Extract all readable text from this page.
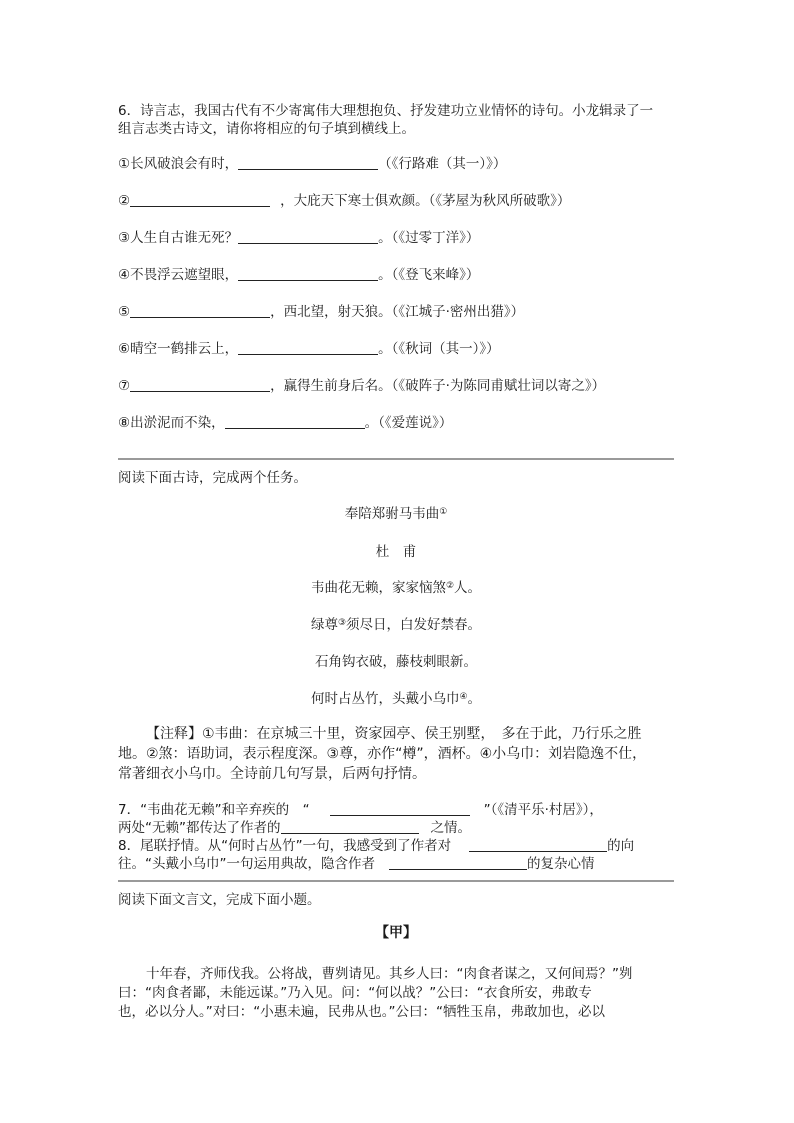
6．诗言志，我国古代有不少寄寓伟大理想抱负、抒发建功立业情怀的诗句。小龙辑录了一
组言志类古诗文，请你将相应的句子填到横线上。
①长风破浪会有时，	（《行路难（其一）》）
②	，大庇天下寒士俱欢颜。（《茅屋为秋风所破歌》）
③人生自古谁无死？	。（《过零丁洋》）
④不畏浮云遮望眼，	。（《登飞来峰》）
⑤	，西北望，射天狼。（《江城子·密州出猎》）
⑥晴空一鹤排云上，	。（《秋词（其一）》）
⑦	，赢得生前身后名。（《破阵子·为陈同甫赋壮词以寄之》）
⑧出淤泥而不染，	。（《爱莲说》）
阅读下面古诗，完成两个任务。
奉陪郑驸马韦曲①
杜　甫
韦曲花无赖，家家恼煞②人。
绿尊③须尽日，白发好禁春。
石角钩衣破，藤枝刺眼新。
何时占丛竹，头戴小乌巾④。
【注释】①韦曲：在京城三十里，资家园亭、侯王别墅，　多在于此，乃行乐之胜
地。②煞：语助词，表示程度深。③尊，亦作“樽”，酒杯。④小乌巾：刘岩隐逸不仕，
常著细衣小乌巾。全诗前几句写景，后两句抒情。
7．“韦曲花无赖”和辛弃疾的　“	”（《清平乐·村居》），
两处“无赖”都传达了作者的	之情。
8．尾联抒情。从“何时占丛竹”一句，我感受到了作者对	的向
往。“头戴小乌巾”一句运用典故，隐含作者	的复杂心情
阅读下面文言文，完成下面小题。
【甲】
十年春，齐师伐我。公将战，曹刿请见。其乡人曰：“肉食者谋之，又何间焉？”刿
曰：“肉食者鄙，未能远谋。”乃入见。问：“何以战？”公曰：“衣食所安，弗敢专
也，必以分人。”对曰：“小惠未遍，民弗从也。”公曰：“牺牲玉帛，弗敢加也，必以
